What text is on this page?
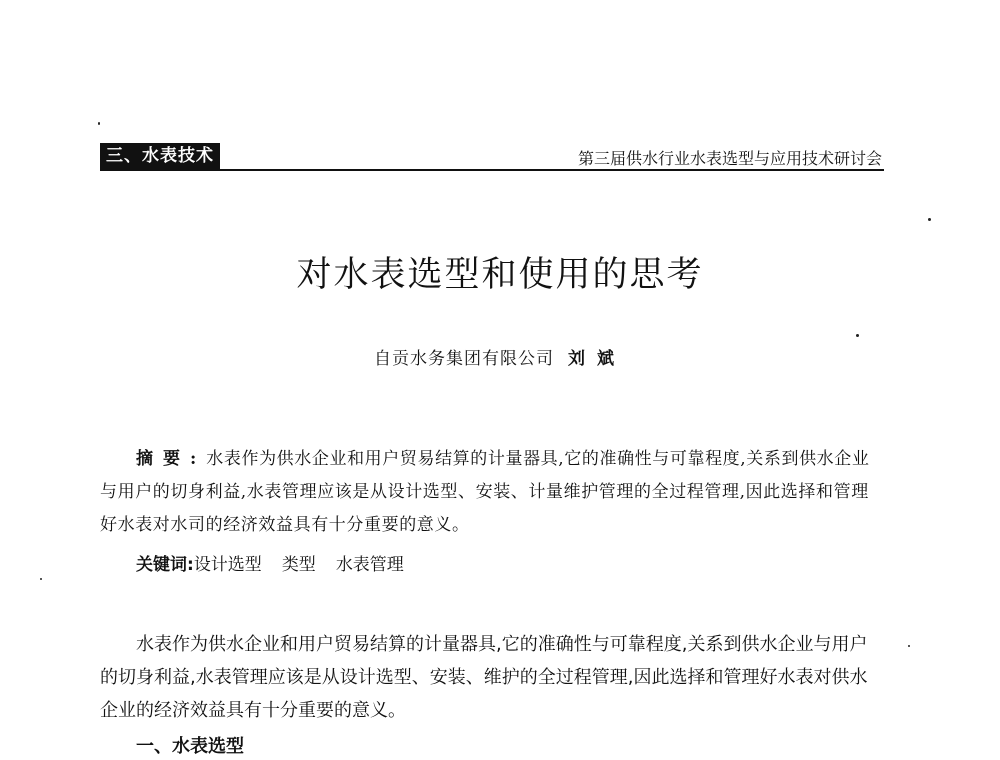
三、水表技术	第三届供水行业水表选型与应用技术研讨会
对水表选型和使用的思考
自贡水务集团有限公司 刘斌
摘要:水表作为供水企业和用户贸易结算的计量器具,它的准确性与可靠程度,关系到供水企业与用户的切身利益,水表管理应该是从设计选型、安装、计量维护管理的全过程管理,因此选择和管理好水表对水司的经济效益具有十分重要的意义。
关键词:设计选型 类型 水表管理
水表作为供水企业和用户贸易结算的计量器具,它的准确性与可靠程度,关系到供水企业与用户的切身利益,水表管理应该是从设计选型、安装、维护的全过程管理,因此选择和管理好水表对供水企业的经济效益具有十分重要的意义。
一、水表选型
